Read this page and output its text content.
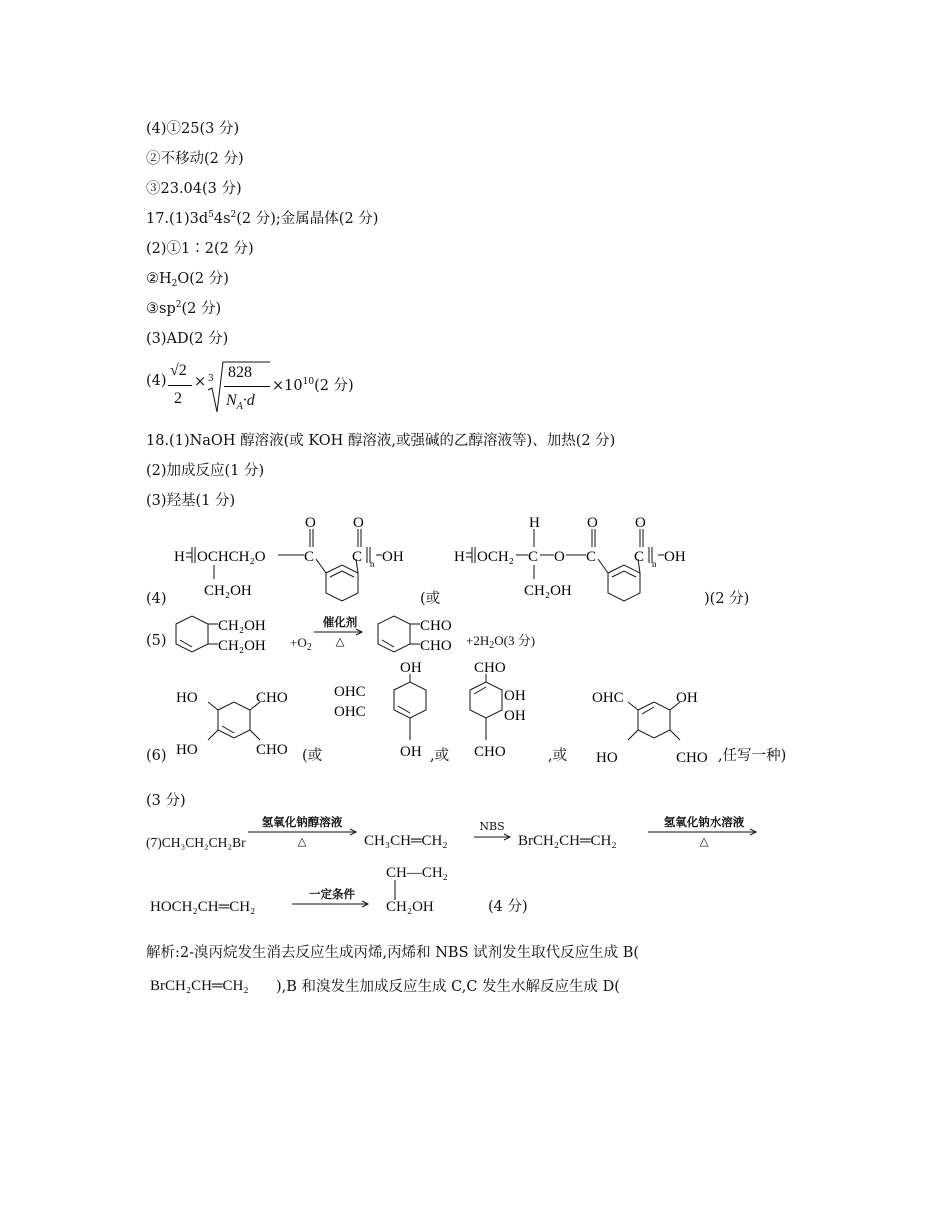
(4)①25(3 分)
②不移动(2 分)
③23.04(3 分)
$17.(1)3d^54s^2(2$ 分);金属晶体(2 分)
(2)①1∶2(2 分)
$②H_2O(2$ 分)
$③sp^2(2$ 分)
(3)AD(2 分)
(4)
√2
2
× 3 828
$N_A\cdot d$
$\times 10^{10}(2$ 分)
18.(1)NaOH 醇溶液(或 KOH 醇溶液,或强碱的乙醇溶液等)、加热(2 分)
(2)加成反应(1 分)
(3)羟基(1 分)
(4)
H OCHCH₂O
CH₂OH
C
O
C
O
n OH
(或
H OCH₂ C
H
CH₂OH
O C
O
C
O
n OH
)(2 分)
(5)
CH₂OH
$CH_2OH +O_2$
催化剂
△
CHO
CHO $+2H_2O(3$ 分)
(6)
HO
HO
CHO
CHO (或
OH
OH
OHC
OHC
,或
CHO
CHO
OH
OH
,或
OHC
HO
OH
CHO ,任写一种)
(3 分)
(7)CH₃CH₂CH₂Br
氢氧化钠醇溶液
△	CH₃CH═CH₂
NBS
BrCH₂CH═CH₂
氢氧化钠水溶液
△
HOCH₂CH═CH₂
一定条件
CH—CH₂
CH₂OH	(4 分)
解析:2-溴丙烷发生消去反应生成丙烯,丙烯和 NBS 试剂发生取代反应生成 B(
BrCH₂CH═CH₂ ),B 和溴发生加成反应生成 C,C 发生水解反应生成 D(
